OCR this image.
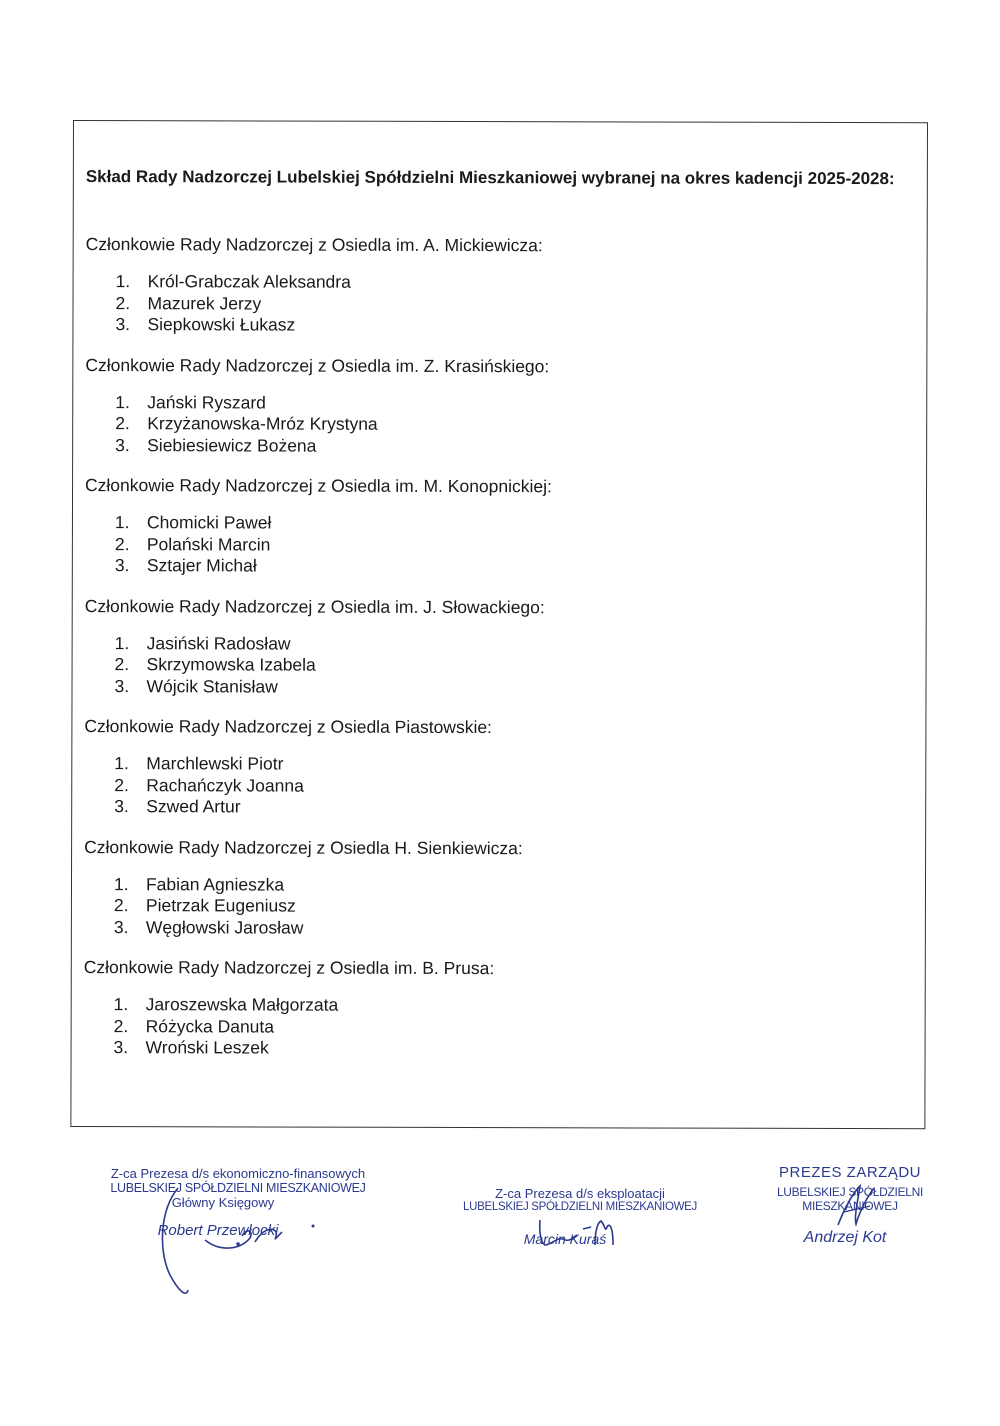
Skład Rady Nadzorczej Lubelskiej Spółdzielni Mieszkaniowej wybranej na okres kadencji 2025-2028:
Członkowie Rady Nadzorczej z Osiedla im. A. Mickiewicza:
1. Król-Grabczak Aleksandra
2. Mazurek Jerzy
3. Siepkowski Łukasz
Członkowie Rady Nadzorczej z Osiedla im. Z. Krasińskiego:
1. Jański Ryszard
2. Krzyżanowska-Mróz Krystyna
3. Siebiesiewicz Bożena
Członkowie Rady Nadzorczej z Osiedla im. M. Konopnickiej:
1. Chomicki Paweł
2. Polański Marcin
3. Sztajer Michał
Członkowie Rady Nadzorczej z Osiedla im. J. Słowackiego:
1. Jasiński Radosław
2. Skrzymowska Izabela
3. Wójcik Stanisław
Członkowie Rady Nadzorczej z Osiedla Piastowskie:
1. Marchlewski Piotr
2. Rachańczyk Joanna
3. Szwed Artur
Członkowie Rady Nadzorczej z Osiedla H. Sienkiewicza:
1. Fabian Agnieszka
2. Pietrzak Eugeniusz
3. Węgłowski Jarosław
Członkowie Rady Nadzorczej z Osiedla im. B. Prusa:
1. Jaroszewska Małgorzata
2. Różycka Danuta
3. Wroński Leszek
Z-ca Prezesa d/s ekonomiczno-finansowych
LUBELSKIEJ SPÓŁDZIELNI MIESZKANIOWEJ
Główny Księgowy
Robert Przewłocki
Z-ca Prezesa d/s eksploatacji
LUBELSKIEJ SPÓŁDZIELNI MIESZKANIOWEJ
Marcin Kuraś
PREZES ZARZĄDU
LUBELSKIEJ SPÓŁDZIELNI MIESZKANIOWEJ
Andrzej Kot
